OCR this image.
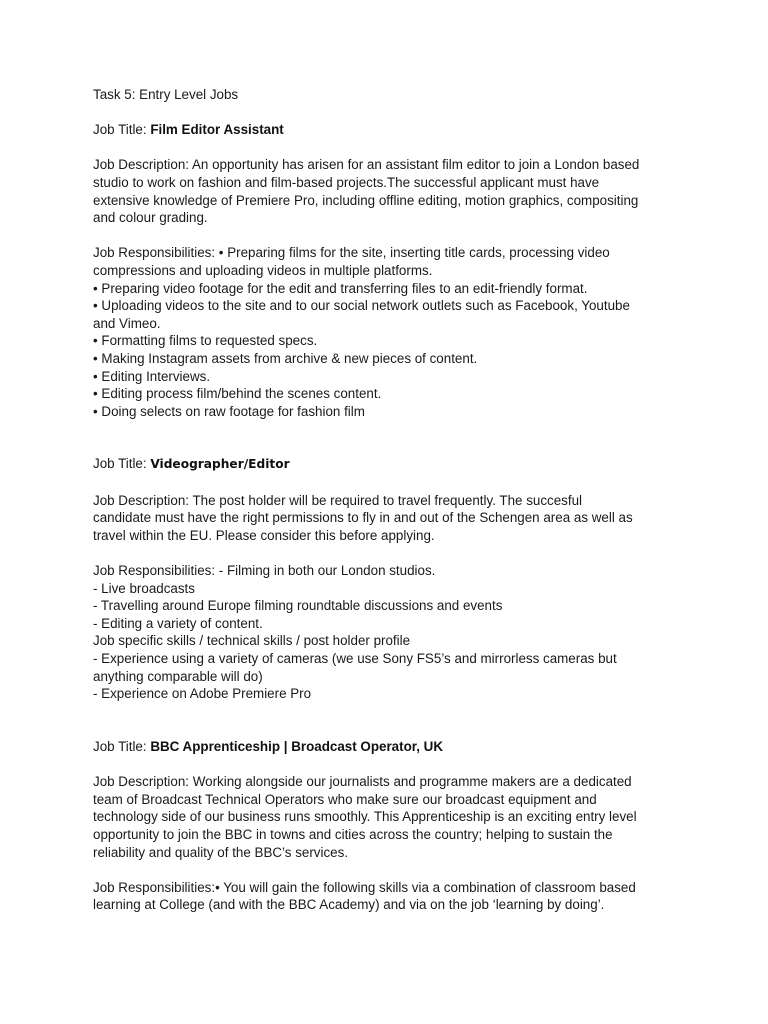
Task 5: Entry Level Jobs

Job Title: Film Editor Assistant

Job Description: An opportunity has arisen for an assistant film editor to join a London based

studio to work on fashion and film-based projects.The successful applicant must have

extensive knowledge of Premiere Pro, including offline editing, motion graphics, compositing

and colour grading.

Job Responsibilities: • Preparing films for the site, inserting title cards, processing video

compressions and uploading videos in multiple platforms.

• Preparing video footage for the edit and transferring files to an edit-friendly format.

• Uploading videos to the site and to our social network outlets such as Facebook, Youtube

and Vimeo.

• Formatting films to requested specs.

• Making Instagram assets from archive & new pieces of content.

• Editing Interviews.

• Editing process film/behind the scenes content.

• Doing selects on raw footage for fashion film

Job Title: Videographer/Editor

Job Description: The post holder will be required to travel frequently. The succesful

candidate must have the right permissions to fly in and out of the Schengen area as well as

travel within the EU. Please consider this before applying.

Job Responsibilities: - Filming in both our London studios.

- Live broadcasts

- Travelling around Europe filming roundtable discussions and events

- Editing a variety of content.

Job specific skills / technical skills / post holder profile

- Experience using a variety of cameras (we use Sony FS5’s and mirrorless cameras but

anything comparable will do)

- Experience on Adobe Premiere Pro

Job Title: BBC Apprenticeship | Broadcast Operator, UK

Job Description: Working alongside our journalists and programme makers are a dedicated

team of Broadcast Technical Operators who make sure our broadcast equipment and

technology side of our business runs smoothly. This Apprenticeship is an exciting entry level

opportunity to join the BBC in towns and cities across the country; helping to sustain the

reliability and quality of the BBC’s services.

Job Responsibilities:• You will gain the following skills via a combination of classroom based

learning at College (and with the BBC Academy) and via on the job ‘learning by doing’.
